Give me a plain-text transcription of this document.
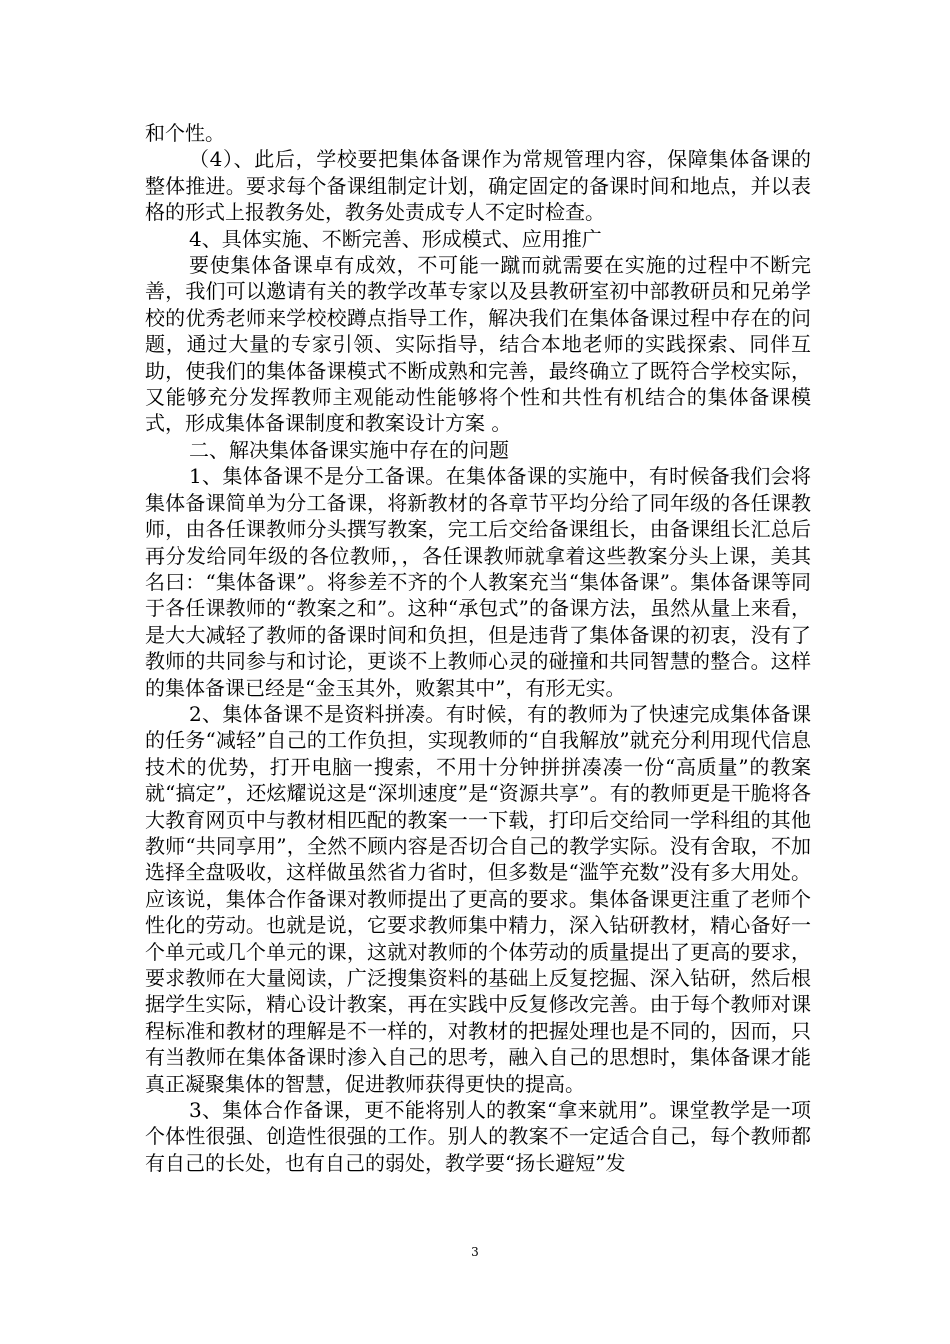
和个性。

（4）、此后，学校要把集体备课作为常规管理内容，保障集体备课的整体推进。要求每个备课组制定计划，确定固定的备课时间和地点，并以表格的形式上报教务处，教务处责成专人不定时检查。

4、具体实施、不断完善、形成模式、应用推广

要使集体备课卓有成效，不可能一蹴而就需要在实施的过程中不断完善，我们可以邀请有关的教学改革专家以及县教研室初中部教研员和兄弟学校的优秀老师来学校校蹲点指导工作，解决我们在集体备课过程中存在的问题，通过大量的专家引领、实际指导，结合本地老师的实践探索、同伴互助，使我们的集体备课模式不断成熟和完善，最终确立了既符合学校实际，又能够充分发挥教师主观能动性能够将个性和共性有机结合的集体备课模式，形成集体备课制度和教案设计方案 。

二、解决集体备课实施中存在的问题

1、集体备课不是分工备课。在集体备课的实施中，有时候备我们会将集体备课简单为分工备课，将新教材的各章节平均分给了同年级的各任课教师，由各任课教师分头撰写教案，完工后交给备课组长，由备课组长汇总后再分发给同年级的各位教师，，各任课教师就拿着这些教案分头上课，美其名曰：“集体备课”。将参差不齐的个人教案充当“集体备课”。集体备课等同于各任课教师的“教案之和”。这种“承包式”的备课方法，虽然从量上来看，是大大减轻了教师的备课时间和负担，但是违背了集体备课的初衷，没有了教师的共同参与和讨论，更谈不上教师心灵的碰撞和共同智慧的整合。这样的集体备课已经是“金玉其外，败絮其中”，有形无实。

2、集体备课不是资料拼凑。有时候，有的教师为了快速完成集体备课的任务“减轻”自己的工作负担，实现教师的“自我解放”就充分利用现代信息技术的优势，打开电脑一搜索，不用十分钟拼拼凑凑一份“高质量”的教案就“搞定”，还炫耀说这是“深圳速度”是“资源共享”。有的教师更是干脆将各大教育网页中与教材相匹配的教案一一下载，打印后交给同一学科组的其他教师“共同享用”，全然不顾内容是否切合自己的教学实际。没有舍取，不加选择全盘吸收，这样做虽然省力省时，但多数是“滥竽充数”没有多大用处。应该说，集体合作备课对教师提出了更高的要求。集体备课更注重了老师个性化的劳动。也就是说，它要求教师集中精力，深入钻研教材，精心备好一个单元或几个单元的课，这就对教师的个体劳动的质量提出了更高的要求，要求教师在大量阅读，广泛搜集资料的基础上反复挖掘、深入钻研，然后根据学生实际，精心设计教案，再在实践中反复修改完善。由于每个教师对课程标准和教材的理解是不一样的，对教材的把握处理也是不同的，因而，只有当教师在集体备课时渗入自己的思考，融入自己的思想时，集体备课才能真正凝聚集体的智慧，促进教师获得更快的提高。

3、集体合作备课，更不能将别人的教案“拿来就用”。课堂教学是一项个体性很强、创造性很强的工作。别人的教案不一定适合自己，每个教师都有自己的长处，也有自己的弱处，教学要“扬长避短”发

3
